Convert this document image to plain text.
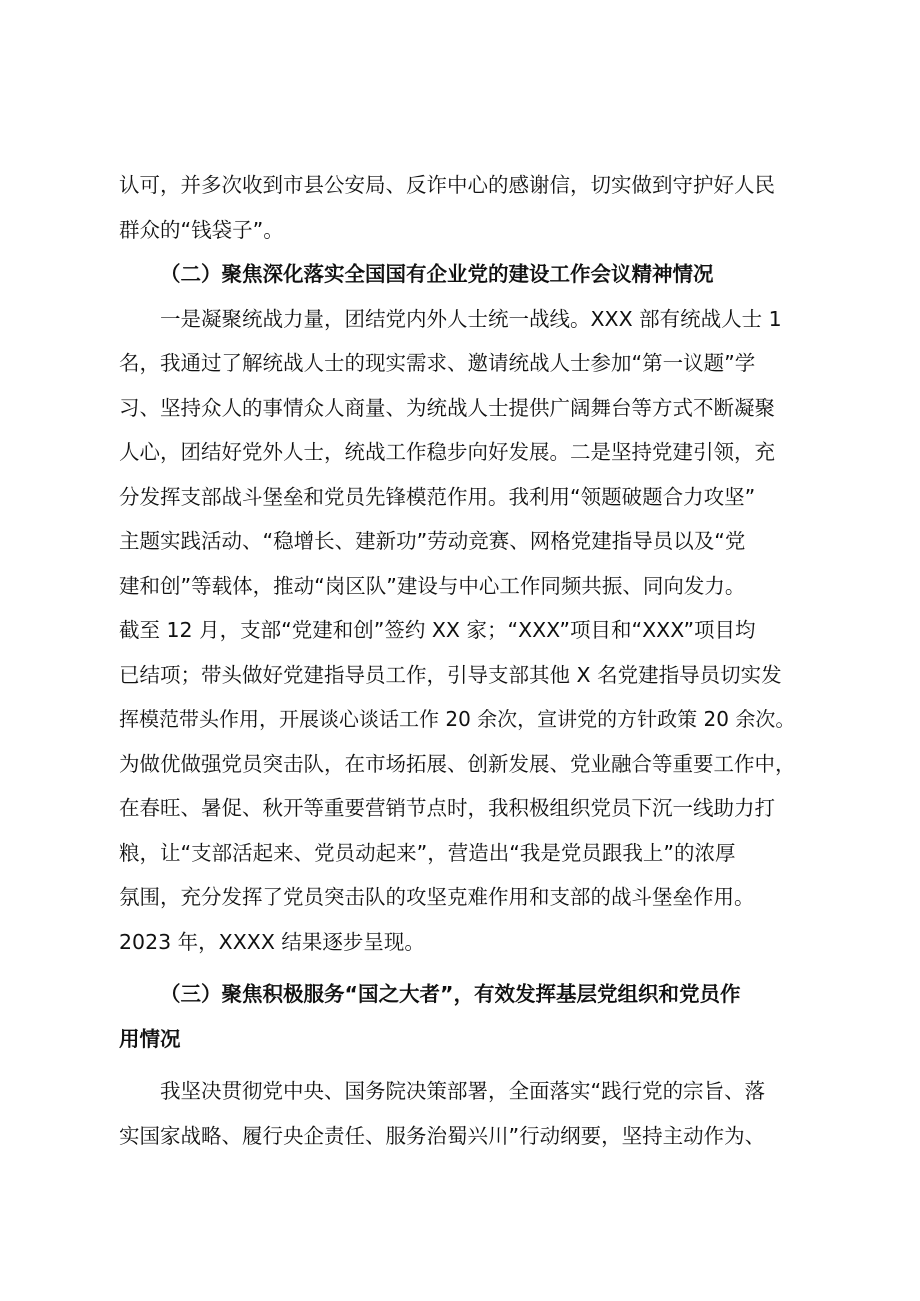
认可，并多次收到市县公安局、反诈中心的感谢信，切实做到守护好人民
群众的“钱袋子”。
（二）聚焦深化落实全国国有企业党的建设工作会议精神情况
一是凝聚统战力量，团结党内外人士统一战线。XXX 部有统战人士 1
名，我通过了解统战人士的现实需求、邀请统战人士参加“第一议题”学
习、坚持众人的事情众人商量、为统战人士提供广阔舞台等方式不断凝聚
人心，团结好党外人士，统战工作稳步向好发展。二是坚持党建引领，充
分发挥支部战斗堡垒和党员先锋模范作用。我利用“领题破题合力攻坚”
主题实践活动、“稳增长、建新功”劳动竞赛、网格党建指导员以及“党
建和创”等载体，推动“岗区队”建设与中心工作同频共振、同向发力。
截至 12 月，支部“党建和创”签约 XX 家；“XXX”项目和“XXX”项目均
已结项；带头做好党建指导员工作，引导支部其他 X 名党建指导员切实发
挥模范带头作用，开展谈心谈话工作 20 余次，宣讲党的方针政策 20 余次。
为做优做强党员突击队，在市场拓展、创新发展、党业融合等重要工作中，
在春旺、暑促、秋开等重要营销节点时，我积极组织党员下沉一线助力打
粮，让“支部活起来、党员动起来”，营造出“我是党员跟我上”的浓厚
氛围，充分发挥了党员突击队的攻坚克难作用和支部的战斗堡垒作用。
2023 年，XXXX 结果逐步呈现。
（三）聚焦积极服务“国之大者”，有效发挥基层党组织和党员作
用情况
我坚决贯彻党中央、国务院决策部署，全面落实“践行党的宗旨、落
实国家战略、履行央企责任、服务治蜀兴川”行动纲要，坚持主动作为、
